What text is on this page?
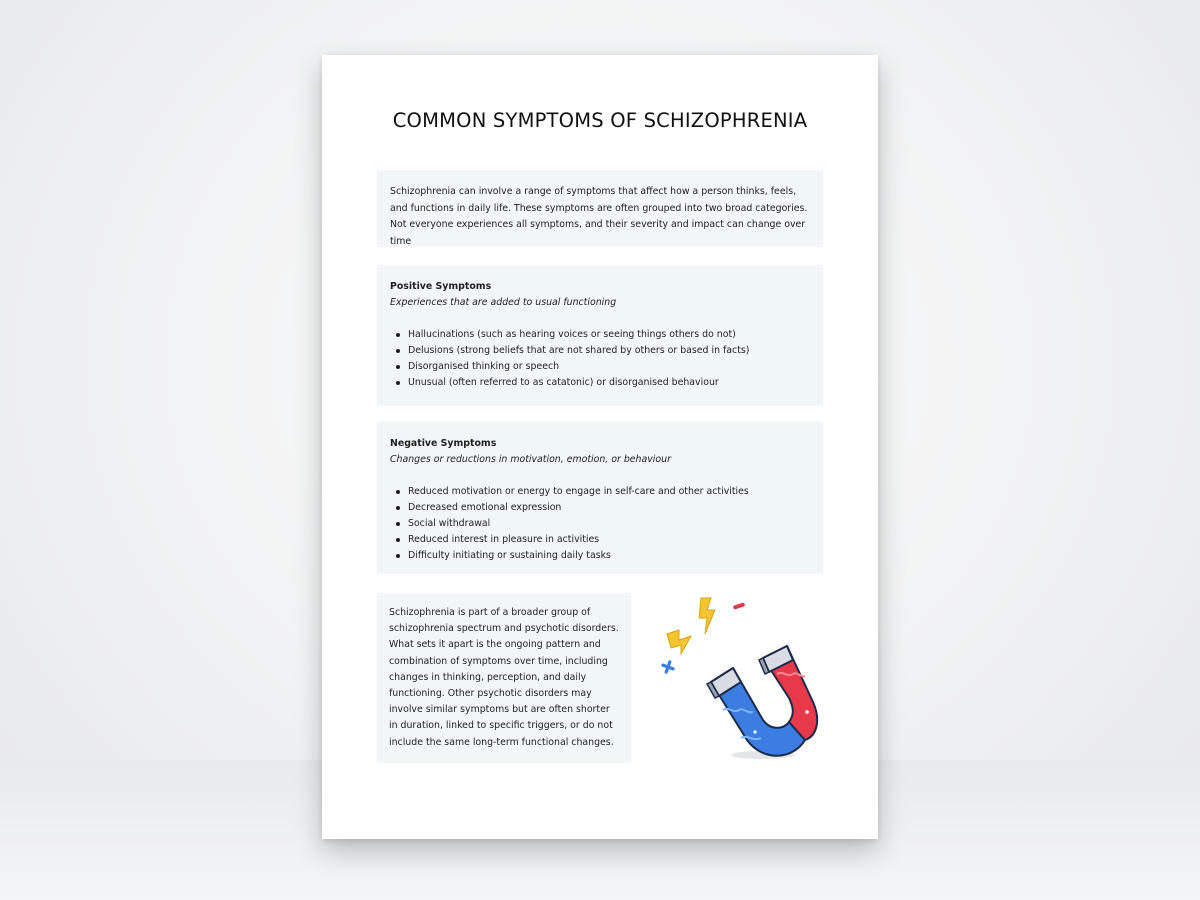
COMMON SYMPTOMS OF SCHIZOPHRENIA
Schizophrenia can involve a range of symptoms that affect how a person thinks, feels, and functions in daily life. These symptoms are often grouped into two broad categories. Not everyone experiences all symptoms, and their severity and impact can change over time
Positive Symptoms
Experiences that are added to usual functioning
Hallucinations (such as hearing voices or seeing things others do not)
Delusions (strong beliefs that are not shared by others or based in facts)
Disorganised thinking or speech
Unusual (often referred to as catatonic) or disorganised behaviour
Negative Symptoms
Changes or reductions in motivation, emotion, or behaviour
Reduced motivation or energy to engage in self-care and other activities
Decreased emotional expression
Social withdrawal
Reduced interest in pleasure in activities
Difficulty initiating or sustaining daily tasks
Schizophrenia is part of a broader group of schizophrenia spectrum and psychotic disorders. What sets it apart is the ongoing pattern and combination of symptoms over time, including changes in thinking, perception, and daily functioning. Other psychotic disorders may involve similar symptoms but are often shorter in duration, linked to specific triggers, or do not include the same long-term functional changes.
